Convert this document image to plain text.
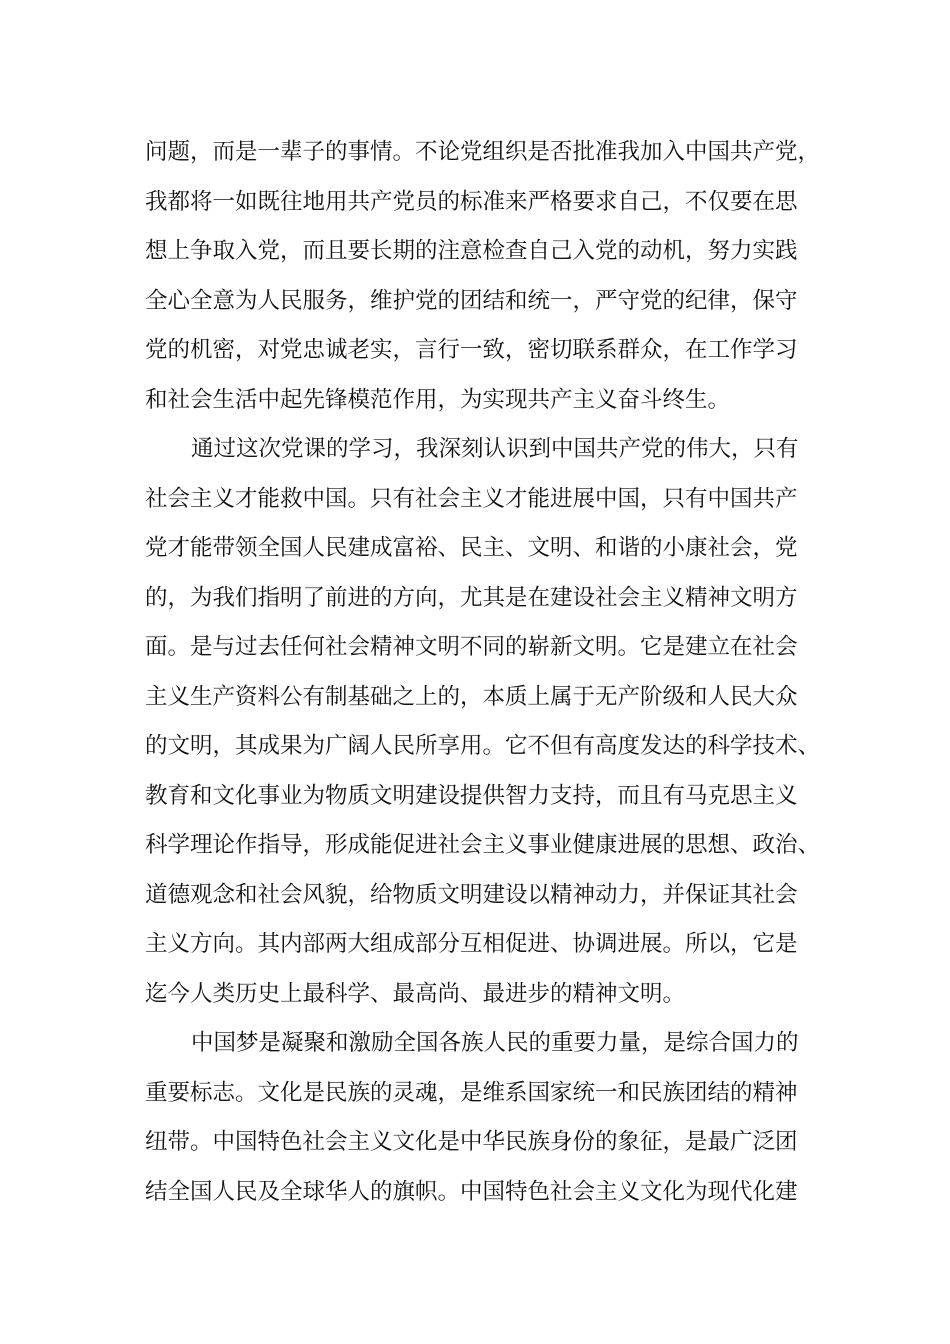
问题，而是一辈子的事情。不论党组织是否批准我加入中国共产党，
我都将一如既往地用共产党员的标准来严格要求自己，不仅要在思
想上争取入党，而且要长期的注意检查自己入党的动机，努力实践
全心全意为人民服务，维护党的团结和统一，严守党的纪律，保守
党的机密，对党忠诚老实，言行一致，密切联系群众，在工作学习
和社会生活中起先锋模范作用，为实现共产主义奋斗终生。
通过这次党课的学习，我深刻认识到中国共产党的伟大，只有
社会主义才能救中国。只有社会主义才能进展中国，只有中国共产
党才能带领全国人民建成富裕、民主、文明、和谐的小康社会，党
的，为我们指明了前进的方向，尤其是在建设社会主义精神文明方
面。是与过去任何社会精神文明不同的崭新文明。它是建立在社会
主义生产资料公有制基础之上的，本质上属于无产阶级和人民大众
的文明，其成果为广阔人民所享用。它不但有高度发达的科学技术、
教育和文化事业为物质文明建设提供智力支持，而且有马克思主义
科学理论作指导，形成能促进社会主义事业健康进展的思想、政治、
道德观念和社会风貌，给物质文明建设以精神动力，并保证其社会
主义方向。其内部两大组成部分互相促进、协调进展。所以，它是
迄今人类历史上最科学、最高尚、最进步的精神文明。
中国梦是凝聚和激励全国各族人民的重要力量，是综合国力的
重要标志。文化是民族的灵魂，是维系国家统一和民族团结的精神
纽带。中国特色社会主义文化是中华民族身份的象征，是最广泛团
结全国人民及全球华人的旗帜。中国特色社会主义文化为现代化建
